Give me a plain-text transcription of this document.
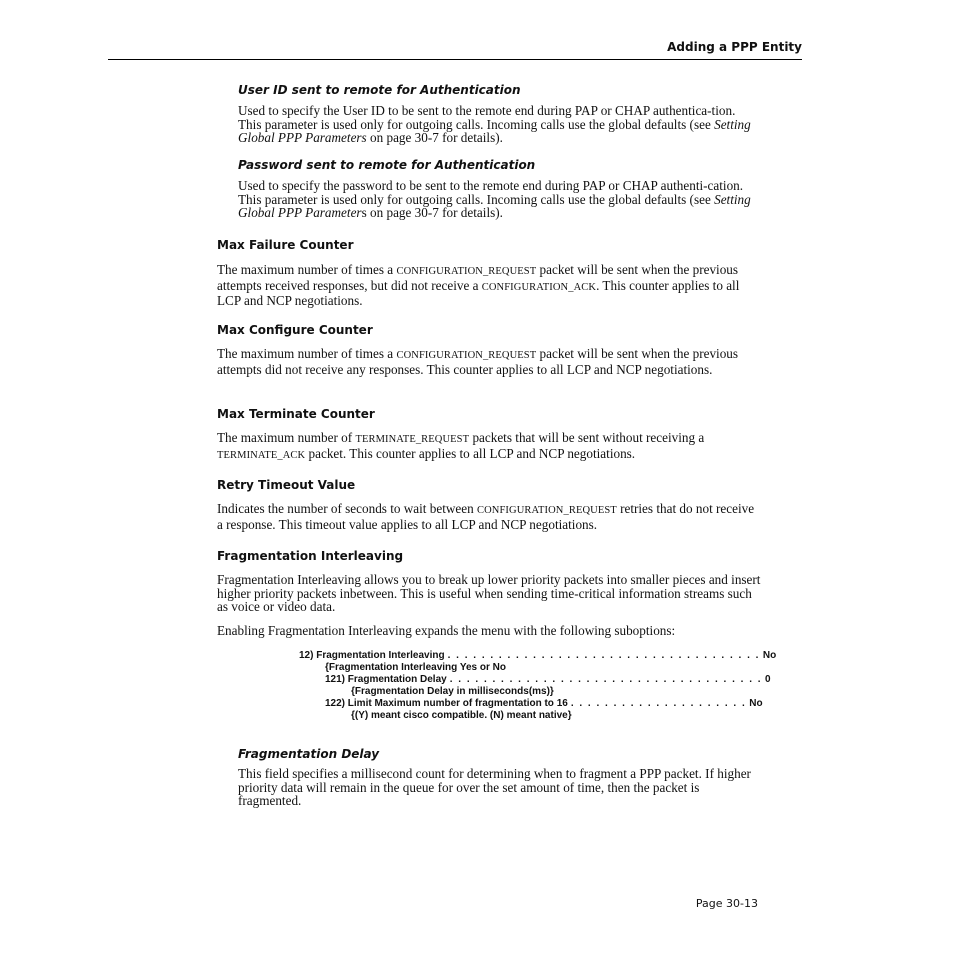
Adding a PPP Entity
User ID sent to remote for Authentication

Used to specify the User ID to be sent to the remote end during PAP or CHAP authentica-tion. This parameter is used only for outgoing calls. Incoming calls use the global defaults (see Setting Global PPP Parameters on page 30-7 for details).

Password sent to remote for Authentication

Used to specify the password to be sent to the remote end during PAP or CHAP authenti-cation. This parameter is used only for outgoing calls. Incoming calls use the global defaults (see Setting Global PPP Parameters on page 30-7 for details).

Max Failure Counter

The maximum number of times a CONFIGURATION_REQUEST packet will be sent when the previous attempts received responses, but did not receive a CONFIGURATION_ACK. This counter applies to all LCP and NCP negotiations.

Max Configure Counter

The maximum number of times a CONFIGURATION_REQUEST packet will be sent when the previous attempts did not receive any responses. This counter applies to all LCP and NCP negotiations.

Max Terminate Counter

The maximum number of TERMINATE_REQUEST packets that will be sent without receiving a TERMINATE_ACK packet. This counter applies to all LCP and NCP negotiations.

Retry Timeout Value

Indicates the number of seconds to wait between CONFIGURATION_REQUEST retries that do not receive a response. This timeout value applies to all LCP and NCP negotiations.

Fragmentation Interleaving

Fragmentation Interleaving allows you to break up lower priority packets into smaller pieces and insert higher priority packets inbetween. This is useful when sending time-critical information streams such as voice or video data.

Enabling Fragmentation Interleaving expands the menu with the following suboptions:

12) Fragmentation Interleaving . . . . . . . . . . . . . . . . . . . . . . . . . . . . . . . . . . . . . No
{Fragmentation Interleaving Yes or No
121) Fragmentation Delay . . . . . . . . . . . . . . . . . . . . . . . . . . . . . . . . . . . . . 0
{Fragmentation Delay in milliseconds(ms)}
122) Limit Maximum number of fragmentation to 16 . . . . . . . . . . . . . . . . . . . . . No
{(Y) meant cisco compatible. (N) meant native}
Fragmentation Delay

This field specifies a millisecond count for determining when to fragment a PPP packet. If higher priority data will remain in the queue for over the set amount of time, then the packet is fragmented.

Page 30-13
